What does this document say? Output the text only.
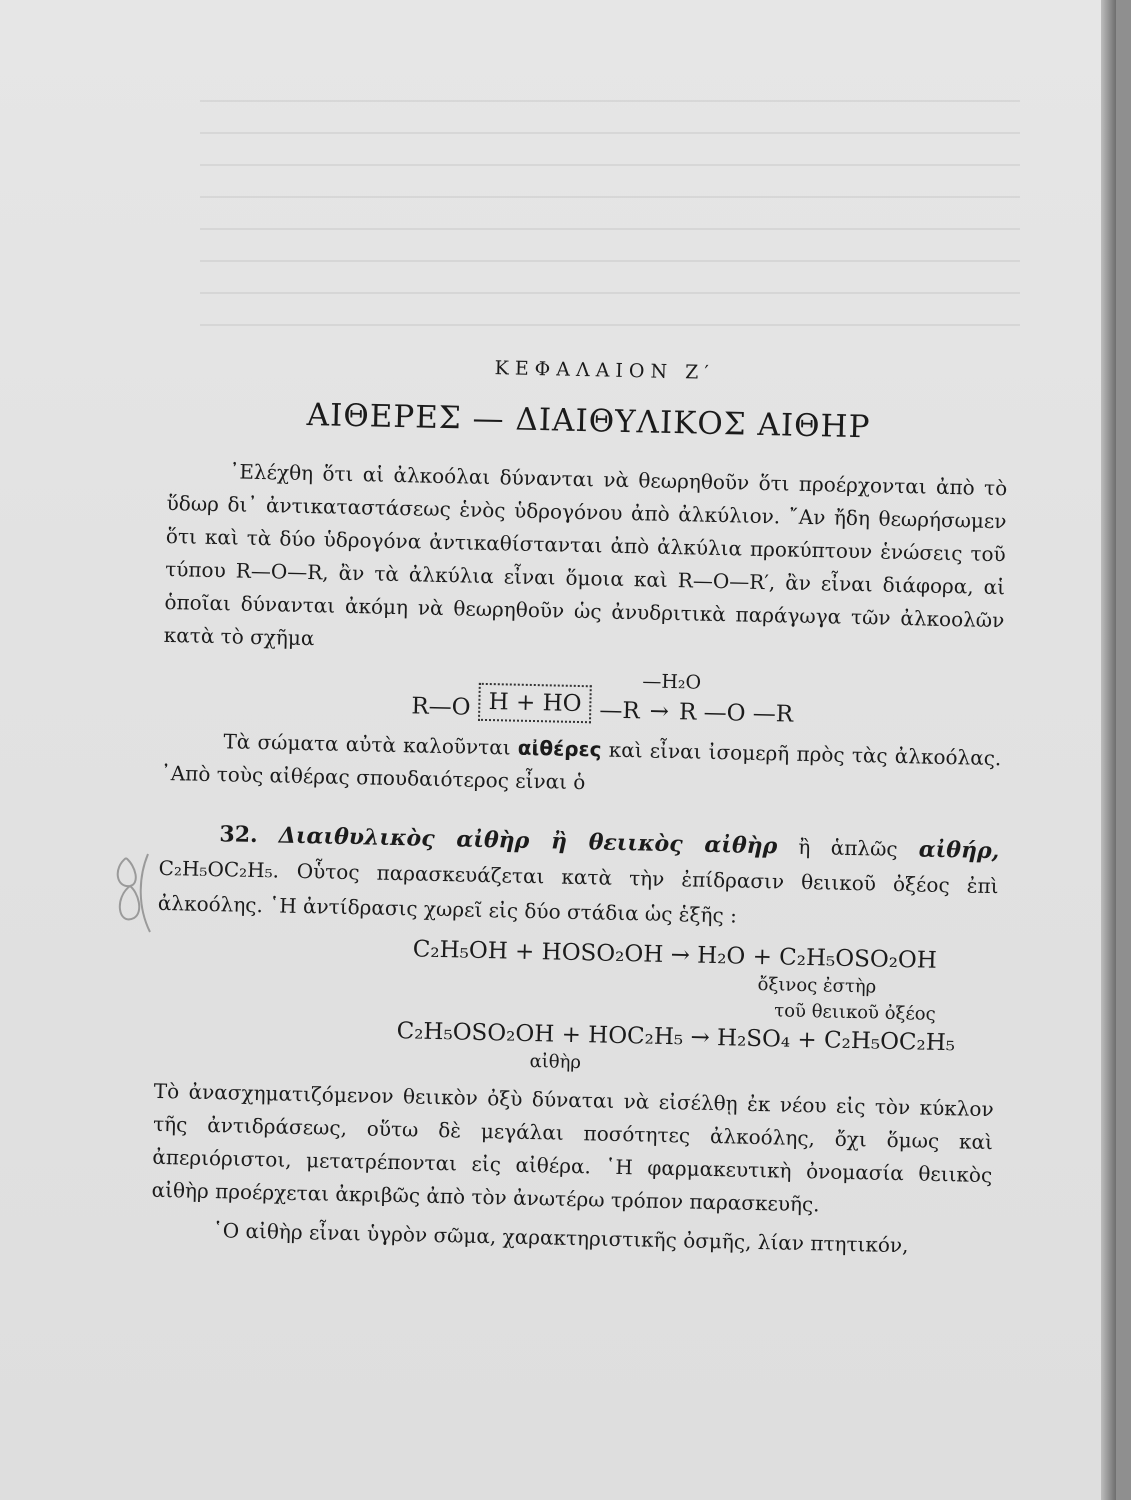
ΚΕΦΑΛΑΙΟΝ Ζ′
ΑΙΘΕΡΕΣ — ΔΙΑΙΘΥΛΙΚΟΣ ΑΙΘΗΡ

᾿Ελέχθη ὅτι αἱ ἀλκοόλαι δύνανται νὰ θεωρηθοῦν ὅτι προέρχονται ἀπὸ τὸ ὕδωρ δι᾿ ἀντικαταστάσεως ἑνὸς ὑδρογόνου ἀπὸ ἀλκύλιον. ῎Αν ἤδη θεωρήσωμεν ὅτι καὶ τὰ δύο ὑδρογόνα ἀντικαθίστανται ἀπὸ ἀλκύλια προκύπτουν ἑνώσεις τοῦ τύπου R—O—R, ἂν τὰ ἀλκύλια εἶναι ὅμοια καὶ R—O—R′, ἂν εἶναι διάφορα, αἱ ὁποῖαι δύνανται ἀκόμη νὰ θεωρηθοῦν ὡς ἀνυδριτικὰ παράγωγα τῶν ἀλκοολῶν κατὰ τὸ σχῆμα

R—O H + HO —R
—H₂O
→ R —O —R

Τὰ σώματα αὐτὰ καλοῦνται αἰθέρες καὶ εἶναι ἰσομερῆ πρὸς τὰς ἀλκοόλας. ᾿Απὸ τοὺς αἰθέρας σπουδαιότερος εἶναι ὁ

32. Διαιθυλικὸς αἰθὴρ ἢ θειικὸς αἰθὴρ ἢ ἁπλῶς αἰθήρ, C₂H₅OC₂H₅. Οὗτος παρασκευάζεται κατὰ τὴν ἐπίδρασιν θειικοῦ ὀξέος ἐπὶ ἀλκοόλης. ῾Η ἀντίδρασις χωρεῖ εἰς δύο στάδια ὡς ἑξῆς :
C₂H₅OH + HOSO₂OH → H₂O + C₂H₅OSO₂OH
ὄξινος ἐστὴρ
τοῦ θειικοῦ ὀξέος
C₂H₅OSO₂OH + HOC₂H₅ → H₂SO₄ + C₂H₅OC₂H₅
αἰθὴρ

Τὸ ἀνασχηματιζόμενον θειικὸν ὀξὺ δύναται νὰ εἰσέλθῃ ἐκ νέου εἰς τὸν κύκλον τῆς ἀντιδράσεως, οὕτω δὲ μεγάλαι ποσότητες ἀλκοόλης, ὄχι ὅμως καὶ ἀπεριόριστοι, μετατρέπονται εἰς αἰθέρα. ῾Η φαρμακευτικὴ ὀνομασία θειικὸς αἰθὴρ προέρχεται ἀκριβῶς ἀπὸ τὸν ἀνωτέρω τρόπον παρασκευῆς.

῾Ο αἰθὴρ εἶναι ὑγρὸν σῶμα, χαρακτηριστικῆς ὀσμῆς, λίαν πτητικόν,
